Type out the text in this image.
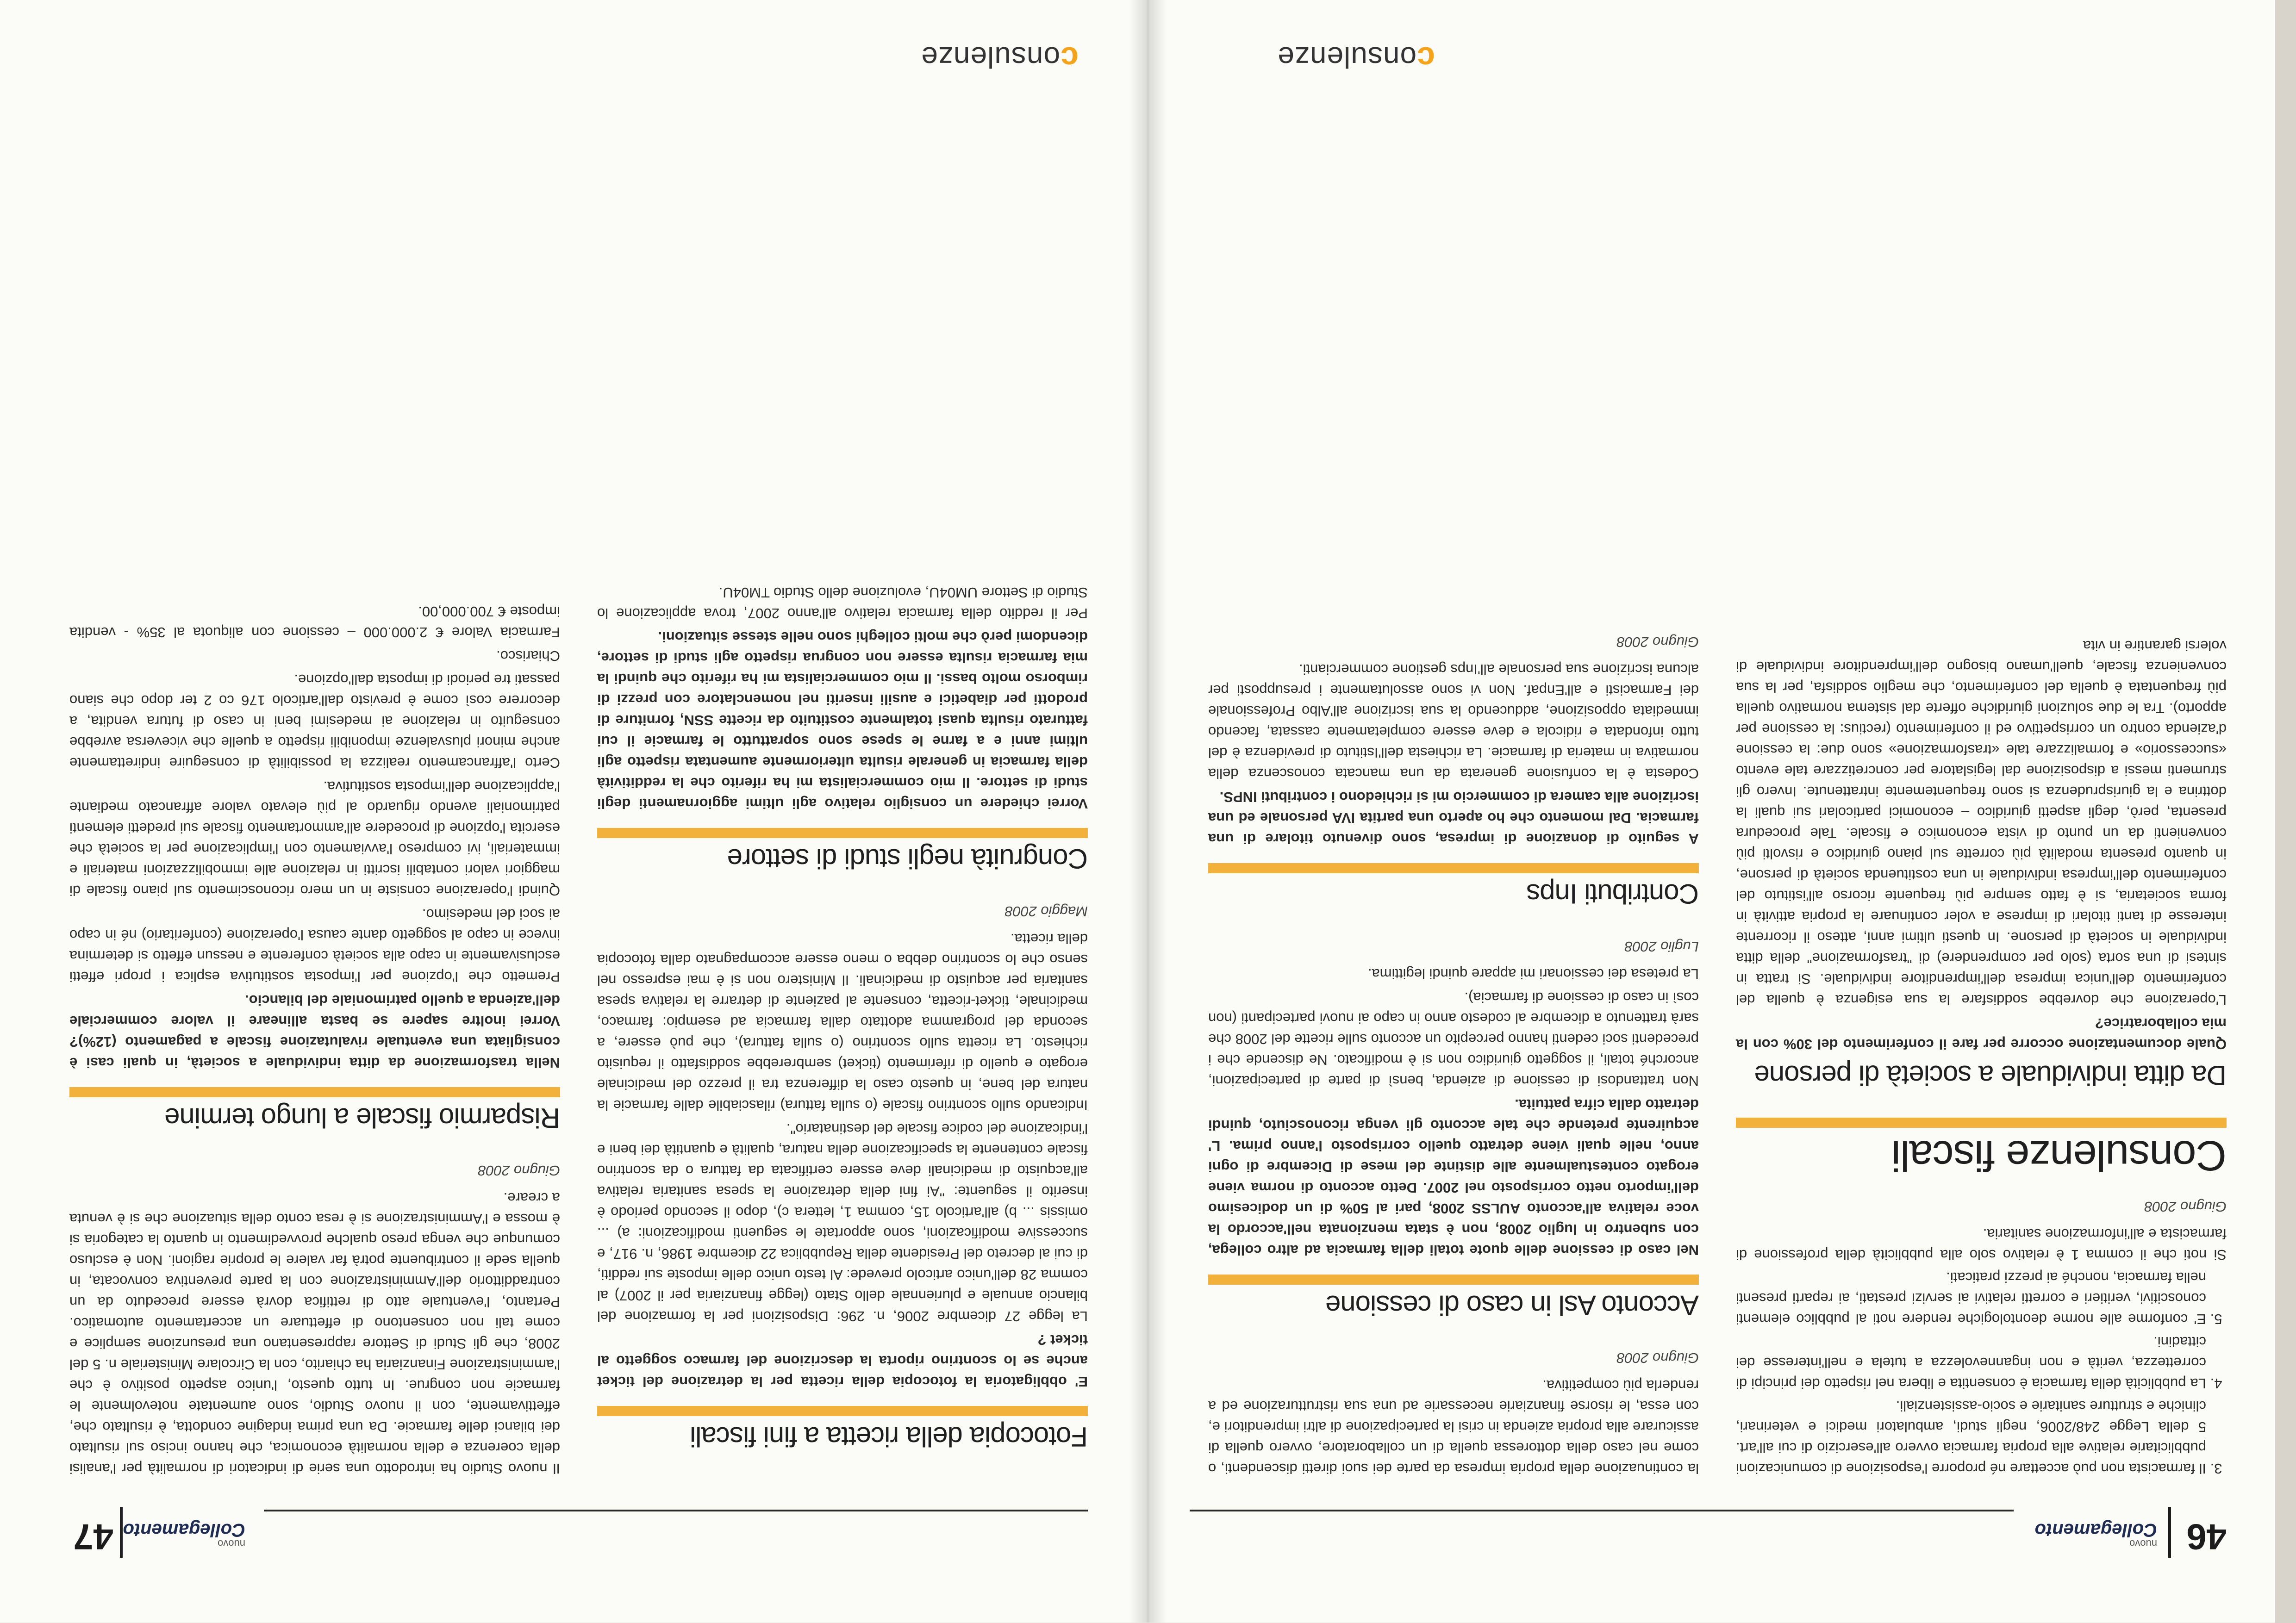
46
nuovo
Collegamento
consulenze
3. Il farmacista non può accettare né proporre l'esposizione di comunicazioni pubblicitarie relative alla propria farmacia ovvero all'esercizio di cui all'art. 5 della Legge 248/2006, negli studi, ambulatori medici e veterinari, cliniche e strutture sanitarie e socio-assistenziali.
4. La pubblicità della farmacia è consentita e libera nel rispetto dei principi di correttezza, verità e non ingannevolezza a tutela e nell'interesse dei cittadini.
5. E' conforme alle norme deontologiche rendere noti al pubblico elementi conoscitivi, veritieri e corretti relativi ai servizi prestati, ai reparti presenti nella farmacia, nonché ai prezzi praticati.

Si noti che il comma 1 è relativo solo alla pubblicità della professione di farmacista e all'informazione sanitaria.

Giugno 2008

Consulenze fiscali
Da ditta individuale a società di persone

Quale documentazione occorre per fare il conferimento del 30% con la mia collaboratrice?

L'operazione che dovrebbe soddisfare la sua esigenza è quella del conferimento dell'unica impresa dell'imprenditore individuale. Si tratta in sintesi di una sorta (solo per comprendere) di "trasformazione" della ditta individuale in società di persone. In questi ultimi anni, atteso il ricorrente interesse di tanti titolari di imprese a voler continuare la propria attività in forma societaria, si è fatto sempre più frequente ricorso all'istituto del conferimento dell'impresa individuale in una costituenda società di persone, in quanto presenta modalità più corrette sul piano giuridico e risvolti più convenienti da un punto di vista economico e fiscale. Tale procedura presenta, però, degli aspetti giuridico – economici particolari sui quali la dottrina e la giurisprudenza si sono frequentemente intrattenute. Invero gli strumenti messi a disposizione dal legislatore per concretizzare tale evento «successorio» e formalizzare tale «trasformazione» sono due: la cessione d'azienda contro un corrispettivo ed il conferimento (rectius: la cessione per apporto). Tra le due soluzioni giuridiche offerte dal sistema normativo quella più frequentata è quella del conferimento, che meglio soddisfa, per la sua convenienza fiscale, quell'umano bisogno dell'imprenditore individuale di volersi garantire in vita

la continuazione della propria impresa da parte dei suoi diretti discendenti, o come nel caso della dottoressa quella di un collaboratore, ovvero quella di assicurare alla propria azienda in crisi la partecipazione di altri imprenditori e, con essa, le risorse finanziarie necessarie ad una sua ristrutturazione ed a renderla più competitiva.

Giugno 2008

Acconto Asl in caso di cessione

Nel caso di cessione delle quote totali della farmacia ad altro collega, con subentro in luglio 2008, non è stata menzionata nell'accordo la voce relativa all'acconto AULSS 2008, pari al 50% di un dodicesimo dell'importo netto corrisposto nel 2007. Detto acconto di norma viene erogato contestualmente alle distinte del mese di Dicembre di ogni anno, nelle quali viene detratto quello corrisposto l'anno prima. L' acquirente pretende che tale acconto gli venga riconosciuto, quindi detratto dalla cifra pattuita.

Non trattandosi di cessione di azienda, bensì di parte di partecipazioni, ancorché totali, il soggetto giuridico non si è modificato. Ne discende che i precedenti soci cedenti hanno percepito un acconto sulle ricette del 2008 che sarà trattenuto a dicembre al codesto anno in capo ai nuovi partecipanti (non così in caso di cessione di farmacia).

La pretesa dei cessionari mi appare quindi legittima.

Luglio 2008

Contributi Inps

A seguito di donazione di impresa, sono divenuto titolare di una farmacia. Dal momento che ho aperto una partita IVA personale ed una iscrizione alla camera di commercio mi si richiedono i contributi INPS.

Codesta è la confusione generata da una mancata conoscenza della normativa in materia di farmacie. La richiesta dell'Istituto di previdenza è del tutto infondata e ridicola e deve essere completamente cassata, facendo immediata opposizione, adducendo la sua iscrizione all'Albo Professionale dei Farmacisti e all'Enpaf. Non vi sono assolutamente i presupposti per alcuna iscrizione sua personale all'Inps gestione commercianti.

Giugno 2008

nuovo
Collegamento
47
consulenze
Fotocopia della ricetta a fini fiscali

E' obbligatoria la fotocopia della ricetta per la detrazione del ticket anche se lo scontrino riporta la descrizione del farmaco soggetto al ticket ?

La legge 27 dicembre 2006, n. 296: Disposizioni per la formazione del bilancio annuale e pluriennale dello Stato (legge finanziaria per il 2007) al comma 28 dell'unico articolo prevede: Al testo unico delle imposte sui redditi, di cui al decreto del Presidente della Repubblica 22 dicembre 1986, n. 917, e successive modificazioni, sono apportate le seguenti modificazioni: a) ... omissis ... b) all'articolo 15, comma 1, lettera c), dopo il secondo periodo è inserito il seguente: "Ai fini della detrazione la spesa sanitaria relativa all'acquisto di medicinali deve essere certificata da fattura o da scontrino fiscale contenente la specificazione della natura, qualità e quantità dei beni e l'indicazione del codice fiscale del destinatario".

Indicando sullo scontrino fiscale (o sulla fattura) rilasciabile dalle farmacie la natura del bene, in questo caso la differenza tra il prezzo del medicinale erogato e quello di riferimento (ticket) sembrerebbe soddisfatto il requisito richiesto. La ricetta sullo scontrino (o sulla fattura), che può essere, a seconda del programma adottato dalla farmacia ad esempio: farmaco, medicinale, ticket-ricetta, consente al paziente di detrarre la relativa spesa sanitaria per acquisto di medicinali. Il Ministero non si è mai espresso nel senso che lo scontrino debba o meno essere accompagnato dalla fotocopia della ricetta.

Maggio 2008

Congruità negli studi di settore

Vorrei chiedere un consiglio relativo agli ultimi aggiornamenti degli studi di settore. Il mio commercialista mi ha riferito che la redditività della farmacia in generale risulta ulteriormente aumentata rispetto agli ultimi anni e a farne le spese sono soprattutto le farmacie il cui fatturato risulta quasi totalmente costituito da ricette SSN, forniture di prodotti per diabetici e ausili inseriti nel nomenclatore con prezzi di rimborso molto bassi. Il mio commercialista mi ha riferito che quindi la mia farmacia risulta essere non congrua rispetto agli studi di settore, dicendomi però che molti colleghi sono nelle stesse situazioni.

Per il reddito della farmacia relativo all'anno 2007, trova applicazione lo Studio di Settore UM04U, evoluzione dello Studio TM04U.

Il nuovo Studio ha introdotto una serie di indicatori di normalità per l'analisi della coerenza e della normalità economica, che hanno inciso sul risultato dei bilanci delle farmacie. Da una prima indagine condotta, è risultato che, effettivamente, con il nuovo Studio, sono aumentate notevolmente le farmacie non congrue. In tutto questo, l'unico aspetto positivo è che l'amministrazione Finanziaria ha chiarito, con la Circolare Ministeriale n. 5 del 2008, che gli Studi di Settore rappresentano una presunzione semplice e come tali non consentono di effettuare un accertamento automatico. Pertanto, l'eventuale atto di rettifica dovrà essere preceduto da un contraddittorio dell'Amministrazione con la parte preventiva convocata, in quella sede il contribuente potrà far valere le proprie ragioni. Non è escluso comunque che venga preso qualche provvedimento in quanto la categoria si è mossa e l'Amministrazione si è resa conto della situazione che si è venuta a creare.

Giugno 2008

Risparmio fiscale a lungo termine

Nella trasformazione da ditta individuale a società, in quali casi è consigliata una eventuale rivalutazione fiscale a pagamento (12%)? Vorrei inoltre sapere se basta allineare il valore commerciale dell'azienda a quello patrimoniale del bilancio.

Premetto che l'opzione per l'imposta sostitutiva esplica i propri effetti esclusivamente in capo alla società conferente e nessun effetto si determina invece in capo al soggetto dante causa l'operazione (conferitario) né in capo ai soci del medesimo.

Quindi l'operazione consiste in un mero riconoscimento sul piano fiscale di maggiori valori contabili iscritti in relazione alle immobilizzazioni materiali e immateriali, ivi compreso l'avviamento con l'implicazione per la società che esercita l'opzione di procedere all'ammortamento fiscale sui predetti elementi patrimoniali avendo riguardo al più elevato valore affrancato mediante l'applicazione dell'imposta sostitutiva.

Certo l'affrancamento realizza la possibilità di conseguire indirettamente anche minori plusvalenze imponibili rispetto a quelle che viceversa avrebbe conseguito in relazione ai medesimi beni in caso di futura vendita, a decorrere così come è previsto dall'articolo 176 co 2 ter dopo che siano passati tre periodi di imposta dall'opzione.

Chiarisco.

Farmacia Valore € 2.000.000 – cessione con aliquota al 35% - vendita imposte € 700.000,00.
